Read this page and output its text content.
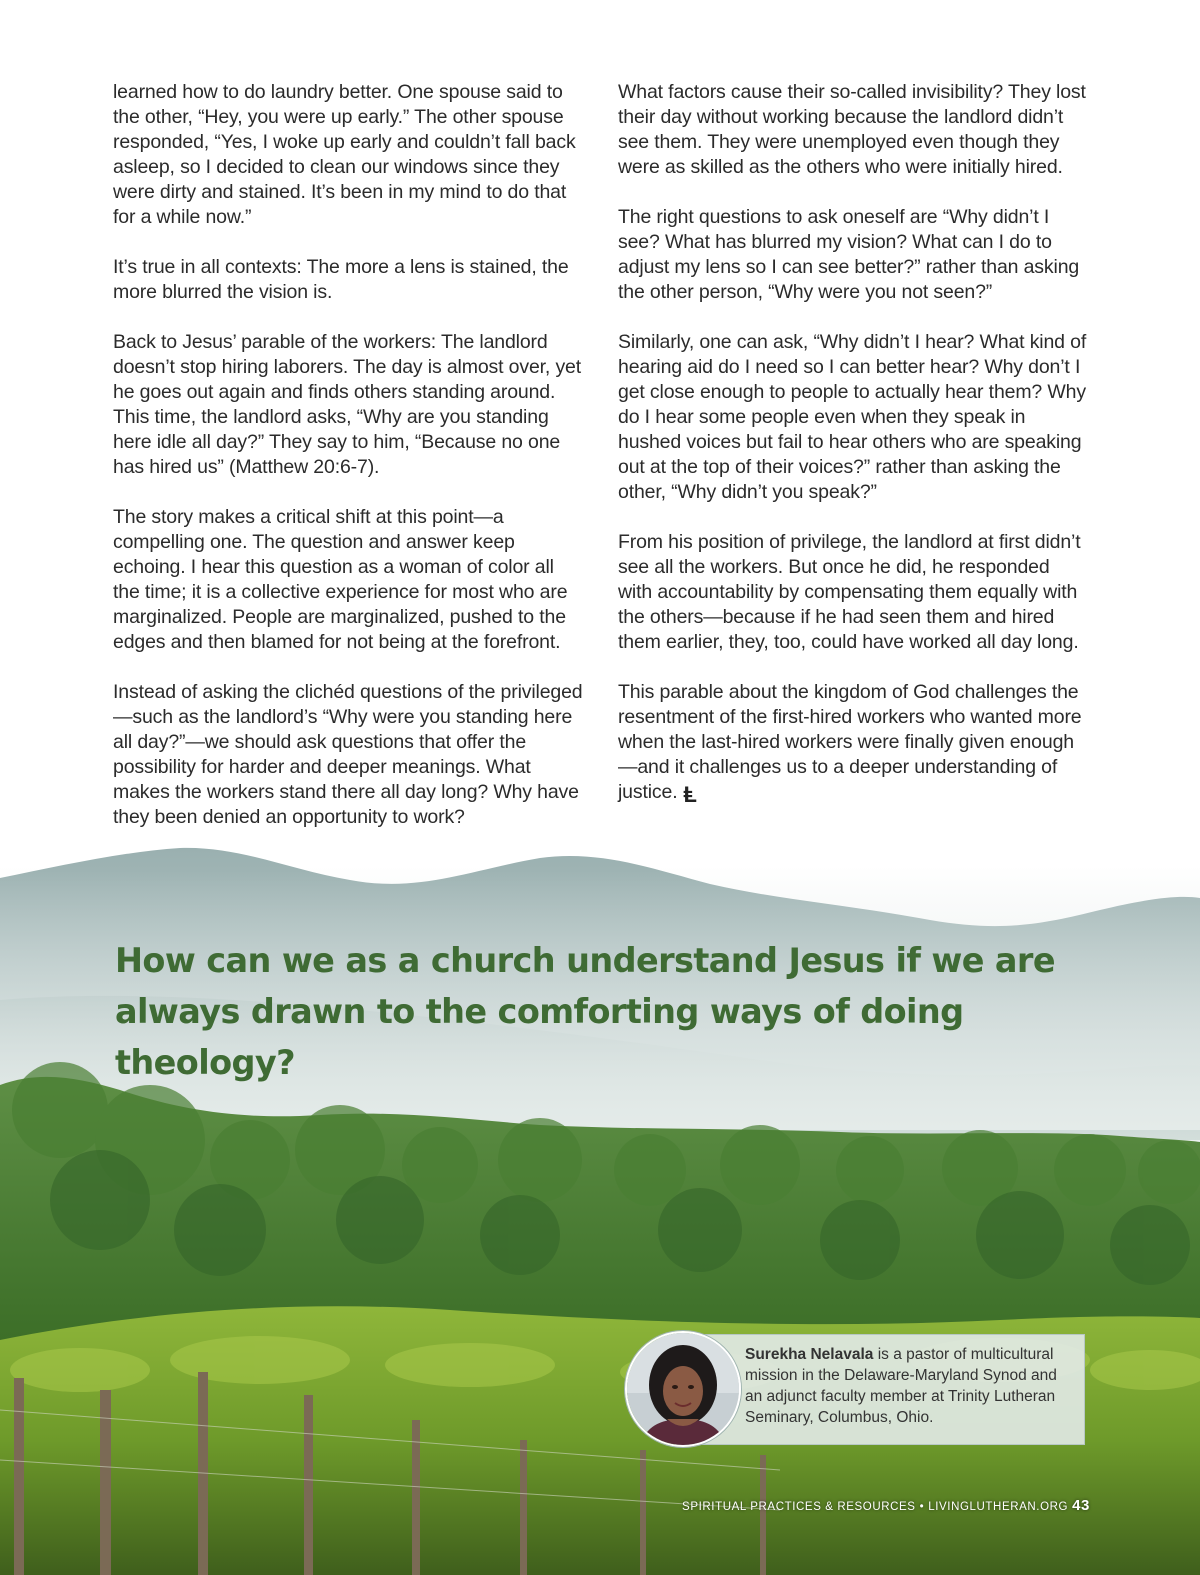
learned how to do laundry better. One spouse said to the other, “Hey, you were up early.” The other spouse responded, “Yes, I woke up early and couldn’t fall back asleep, so I decided to clean our windows since they were dirty and stained. It’s been in my mind to do that for a while now.”

It’s true in all contexts: The more a lens is stained, the more blurred the vision is.

Back to Jesus’ parable of the workers: The landlord doesn’t stop hiring laborers. The day is almost over, yet he goes out again and finds others standing around. This time, the landlord asks, “Why are you standing here idle all day?” They say to him, “Because no one has hired us” (Matthew 20:6-7).

The story makes a critical shift at this point—a compelling one. The question and answer keep echoing. I hear this question as a woman of color all the time; it is a collective experience for most who are marginalized. People are marginalized, pushed to the edges and then blamed for not being at the forefront.

Instead of asking the clichéd questions of the privileged—such as the landlord’s “Why were you standing here all day?”—we should ask questions that offer the possibility for harder and deeper meanings. What makes the workers stand there all day long? Why have they been denied an opportunity to work?

What factors cause their so-called invisibility? They lost their day without working because the landlord didn’t see them. They were unemployed even though they were as skilled as the others who were initially hired.

The right questions to ask oneself are “Why didn’t I see? What has blurred my vision? What can I do to adjust my lens so I can see better?” rather than asking the other person, “Why were you not seen?”

Similarly, one can ask, “Why didn’t I hear? What kind of hearing aid do I need so I can better hear? Why don’t I get close enough to people to actually hear them? Why do I hear some people even when they speak in hushed voices but fail to hear others who are speaking out at the top of their voices?” rather than asking the other, “Why didn’t you speak?”

From his position of privilege, the landlord at first didn’t see all the workers. But once he did, he responded with accountability by compensating them equally with the others—because if he had seen them and hired them earlier, they, too, could have worked all day long.

This parable about the kingdom of God challenges the resentment of the first-hired workers who wanted more when the last-hired workers were finally given enough—and it challenges us to a deeper understanding of justice. Ⱡ

How can we as a church understand Jesus if we are always drawn to the comforting ways of doing theology?
Surekha Nelavala is a pastor of multicultural mission in the Delaware-Maryland Synod and an adjunct faculty member at Trinity Lutheran Seminary, Columbus, Ohio.
SPIRITUAL PRACTICES & RESOURCES • LIVINGLUTHERAN.ORG 43
